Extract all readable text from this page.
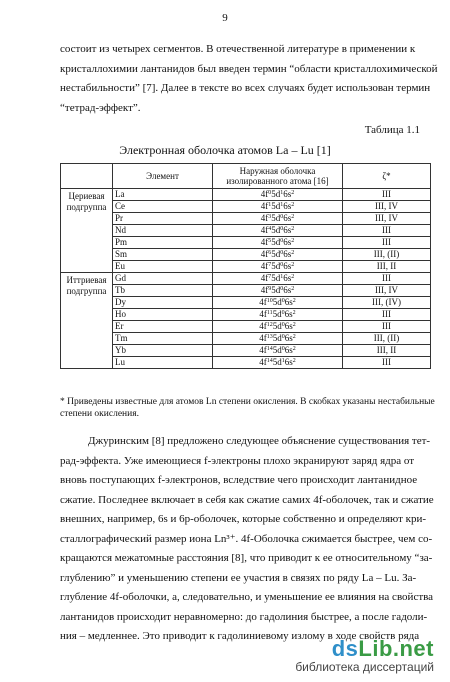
9
состоит из четырех сегментов. В отечественной литературе в применении к
кристаллохимии лантанидов был введен термин “области кристаллохимической
нестабильности” [7]. Далее в тексте во всех случаях будет использован термин
“тетрад-эффект”.
Таблица 1.1
Электронная оболочка атомов La – Lu [1]
	Элемент	Наружная оболочка
изолированного атома [16]	ζ*
Цериевая
подгруппа	La	$4f^05d^16s^2$	III
	Ce	$4f^15d^16s^2$	III, IV
	Pr	$4f^35d^06s^2$	III, IV
	Nd	$4f^45d^06s^2$	III
	Pm	$4f^55d^06s^2$	III
	Sm	$4f^65d^06s^2$	III, (II)
	Eu	$4f^75d^06s^2$	III, II
Иттриевая
подгруппа	Gd	$4f^75d^16s^2$	III
	Tb	$4f^95d^06s^2$	III, IV
	Dy	$4f^{10}5d^06s^2$	III, (IV)
	Ho	$4f^{11}5d^06s^2$	III
	Er	$4f^{12}5d^06s^2$	III
	Tm	$4f^{13}5d^06s^2$	III, (II)
	Yb	$4f^{14}5d^06s^2$	III, II
	Lu	$4f^{14}5d^16s^2$	III
* Приведены известные для атомов Ln степени окисления. В скобках указаны нестабильные
степени окисления.
Джуринским [8] предложено следующее объяснение существования тет-
рад-эффекта. Уже имеющиеся f-электроны плохо экранируют заряд ядра от
вновь поступающих f-электронов, вследствие чего происходит лантанидное
сжатие. Последнее включает в себя как сжатие самих 4f-оболочек, так и сжатие
внешних, например, 6s и 6p-оболочек, которые собственно и определяют кри-
сталлографический размер иона Ln³⁺. 4f-Оболочка сжимается быстрее, чем со-
кращаются межатомные расстояния [8], что приводит к ее относительному “за-
глублению” и уменьшению степени ее участия в связях по ряду La – Lu. За-
глубление 4f-оболочки, а, следовательно, и уменьшение ее влияния на свойства
лантанидов происходит неравномерно: до гадолиния быстрее, а после гадоли-
ния – медленнее. Это приводит к гадолиниевому излому в ходе свойств ряда
dsLib.net
библиотека диссертаций
